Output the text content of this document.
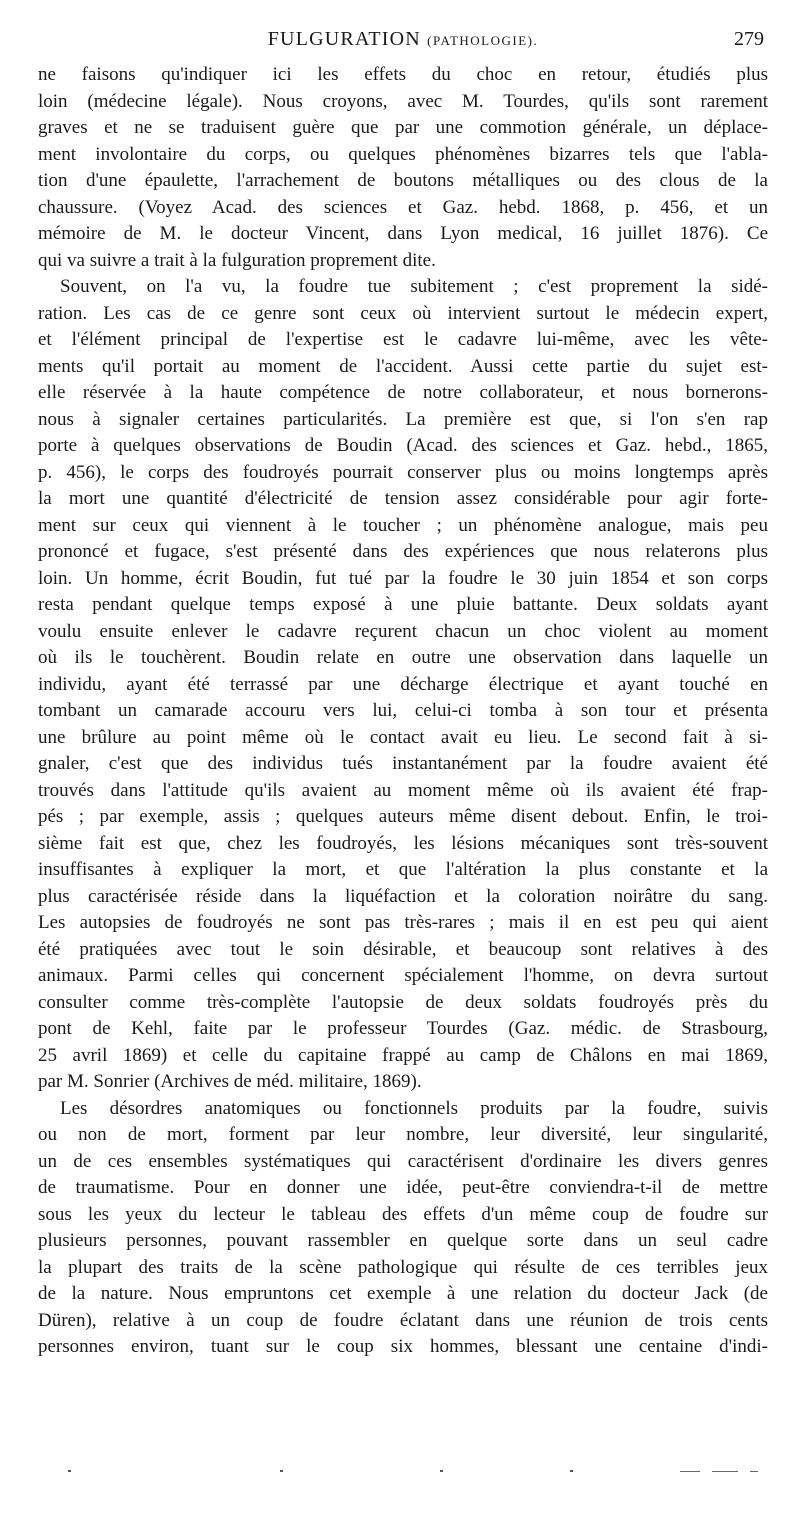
FULGURATION (PATHOLOGIE).	279
ne faisons qu'indiquer ici les effets du choc en retour, étudiés plus
loin (médecine légale). Nous croyons, avec M. Tourdes, qu'ils sont rarement
graves et ne se traduisent guère que par une commotion générale, un déplace-
ment involontaire du corps, ou quelques phénomènes bizarres tels que l'abla-
tion d'une épaulette, l'arrachement de boutons métalliques ou des clous de la
chaussure. (Voyez Acad. des sciences et Gaz. hebd. 1868, p. 456, et un
mémoire de M. le docteur Vincent, dans Lyon medical, 16 juillet 1876). Ce
qui va suivre a trait à la fulguration proprement dite.
Souvent, on l'a vu, la foudre tue subitement ; c'est proprement la sidé-
ration. Les cas de ce genre sont ceux où intervient surtout le médecin expert,
et l'élément principal de l'expertise est le cadavre lui-même, avec les vête-
ments qu'il portait au moment de l'accident. Aussi cette partie du sujet est-
elle réservée à la haute compétence de notre collaborateur, et nous bornerons-
nous à signaler certaines particularités. La première est que, si l'on s'en rap
porte à quelques observations de Boudin (Acad. des sciences et Gaz. hebd., 1865,
p. 456), le corps des foudroyés pourrait conserver plus ou moins longtemps après
la mort une quantité d'électricité de tension assez considérable pour agir forte-
ment sur ceux qui viennent à le toucher ; un phénomène analogue, mais peu
prononcé et fugace, s'est présenté dans des expériences que nous relaterons plus
loin. Un homme, écrit Boudin, fut tué par la foudre le 30 juin 1854 et son corps
resta pendant quelque temps exposé à une pluie battante. Deux soldats ayant
voulu ensuite enlever le cadavre reçurent chacun un choc violent au moment
où ils le touchèrent. Boudin relate en outre une observation dans laquelle un
individu, ayant été terrassé par une décharge électrique et ayant touché en
tombant un camarade accouru vers lui, celui-ci tomba à son tour et présenta
une brûlure au point même où le contact avait eu lieu. Le second fait à si-
gnaler, c'est que des individus tués instantanément par la foudre avaient été
trouvés dans l'attitude qu'ils avaient au moment même où ils avaient été frap-
pés ; par exemple, assis ; quelques auteurs même disent debout. Enfin, le troi-
sième fait est que, chez les foudroyés, les lésions mécaniques sont très-souvent
insuffisantes à expliquer la mort, et que l'altération la plus constante et la
plus caractérisée réside dans la liquéfaction et la coloration noirâtre du sang.
Les autopsies de foudroyés ne sont pas très-rares ; mais il en est peu qui aient
été pratiquées avec tout le soin désirable, et beaucoup sont relatives à des
animaux. Parmi celles qui concernent spécialement l'homme, on devra surtout
consulter comme très-complète l'autopsie de deux soldats foudroyés près du
pont de Kehl, faite par le professeur Tourdes (Gaz. médic. de Strasbourg,
25 avril 1869) et celle du capitaine frappé au camp de Châlons en mai 1869,
par M. Sonrier (Archives de méd. militaire, 1869).
Les désordres anatomiques ou fonctionnels produits par la foudre, suivis
ou non de mort, forment par leur nombre, leur diversité, leur singularité,
un de ces ensembles systématiques qui caractérisent d'ordinaire les divers genres
de traumatisme. Pour en donner une idée, peut-être conviendra-t-il de mettre
sous les yeux du lecteur le tableau des effets d'un même coup de foudre sur
plusieurs personnes, pouvant rassembler en quelque sorte dans un seul cadre
la plupart des traits de la scène pathologique qui résulte de ces terribles jeux
de la nature. Nous empruntons cet exemple à une relation du docteur Jack (de
Düren), relative à un coup de foudre éclatant dans une réunion de trois cents
personnes environ, tuant sur le coup six hommes, blessant une centaine d'indi-
